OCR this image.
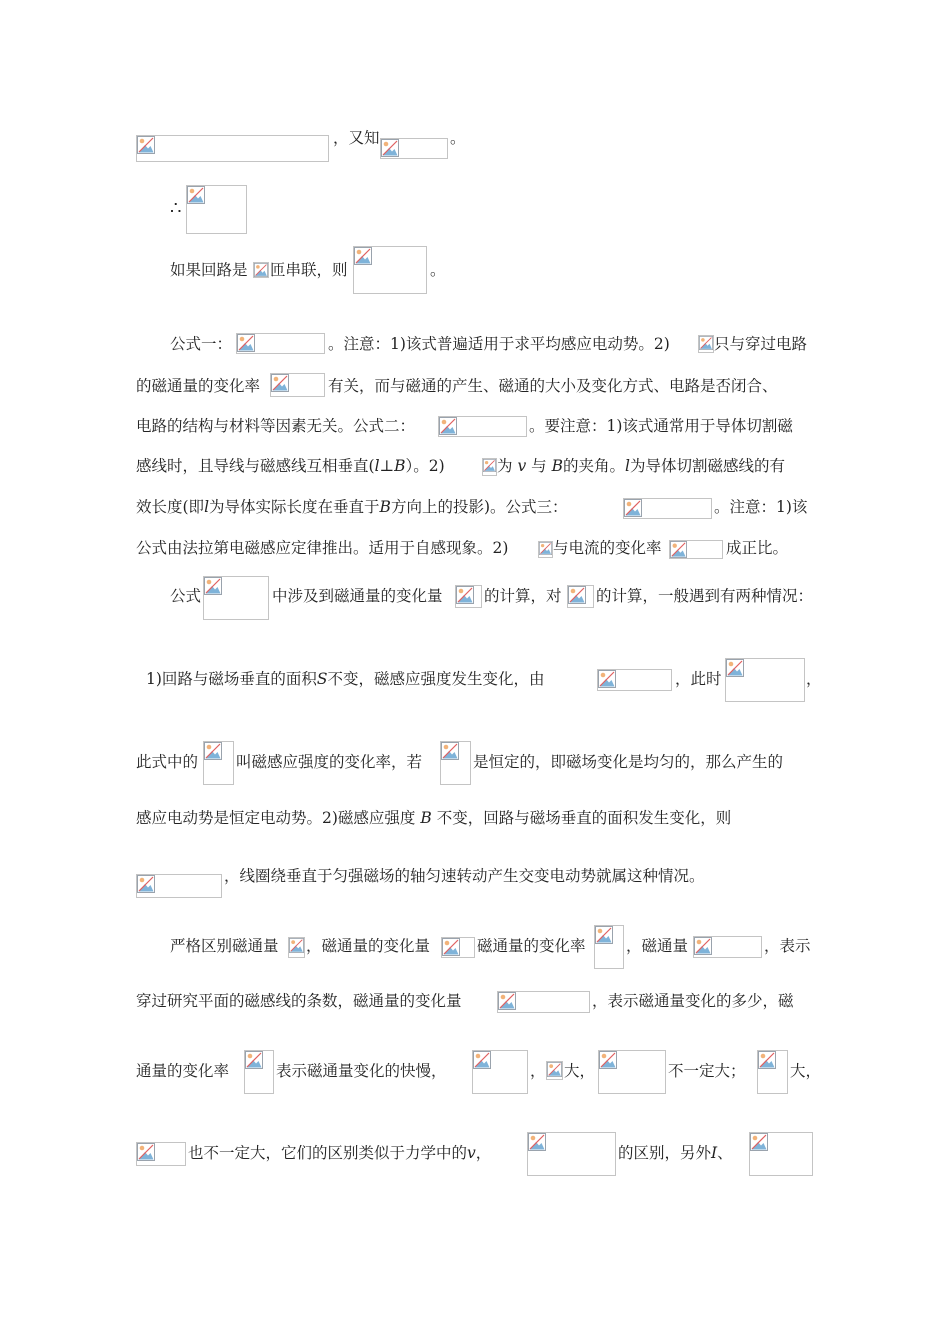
，又知	。
∴
如果回路是 匝串联，则	。
公式一：	。注意：1)该式普遍适用于求平均感应电动势。2)	只与穿过电路
的磁通量的变化率	有关，而与磁通的产生、磁通的大小及变化方式、电路是否闭合、
电路的结构与材料等因素无关。公式二：	。要注意：1)该式通常用于导体切割磁
感线时，且导线与磁感线互相垂直(l⊥B）。2)	为 v 与 B的夹角。l为导体切割磁感线的有
效长度(即l为导体实际长度在垂直于B方向上的投影)。公式三：	。注意：1)该
公式由法拉第电磁感应定律推出。适用于自感现象。2)	与电流的变化率	成正比。
公式	中涉及到磁通量的变化量	的计算，对 的计算，一般遇到有两种情况：
1)回路与磁场垂直的面积S不变，磁感应强度发生变化，由	，此时	，
此式中的 叫磁感应强度的变化率，若	是恒定的，即磁场变化是均匀的，那么产生的
感应电动势是恒定电动势。2)磁感应强度 B 不变，回路与磁场垂直的面积发生变化，则
，线圈绕垂直于匀强磁场的轴匀速转动产生交变电动势就属这种情况。
严格区别磁通量 ，磁通量的变化量	磁通量的变化率	，磁通量	，表示
穿过研究平面的磁感线的条数，磁通量的变化量	，表示磁通量变化的多少，磁
通量的变化率	表示磁通量变化的快慢，	， 大，	不一定大；	大，
也不一定大，它们的区别类似于力学中的v，	的区别，另外I、
